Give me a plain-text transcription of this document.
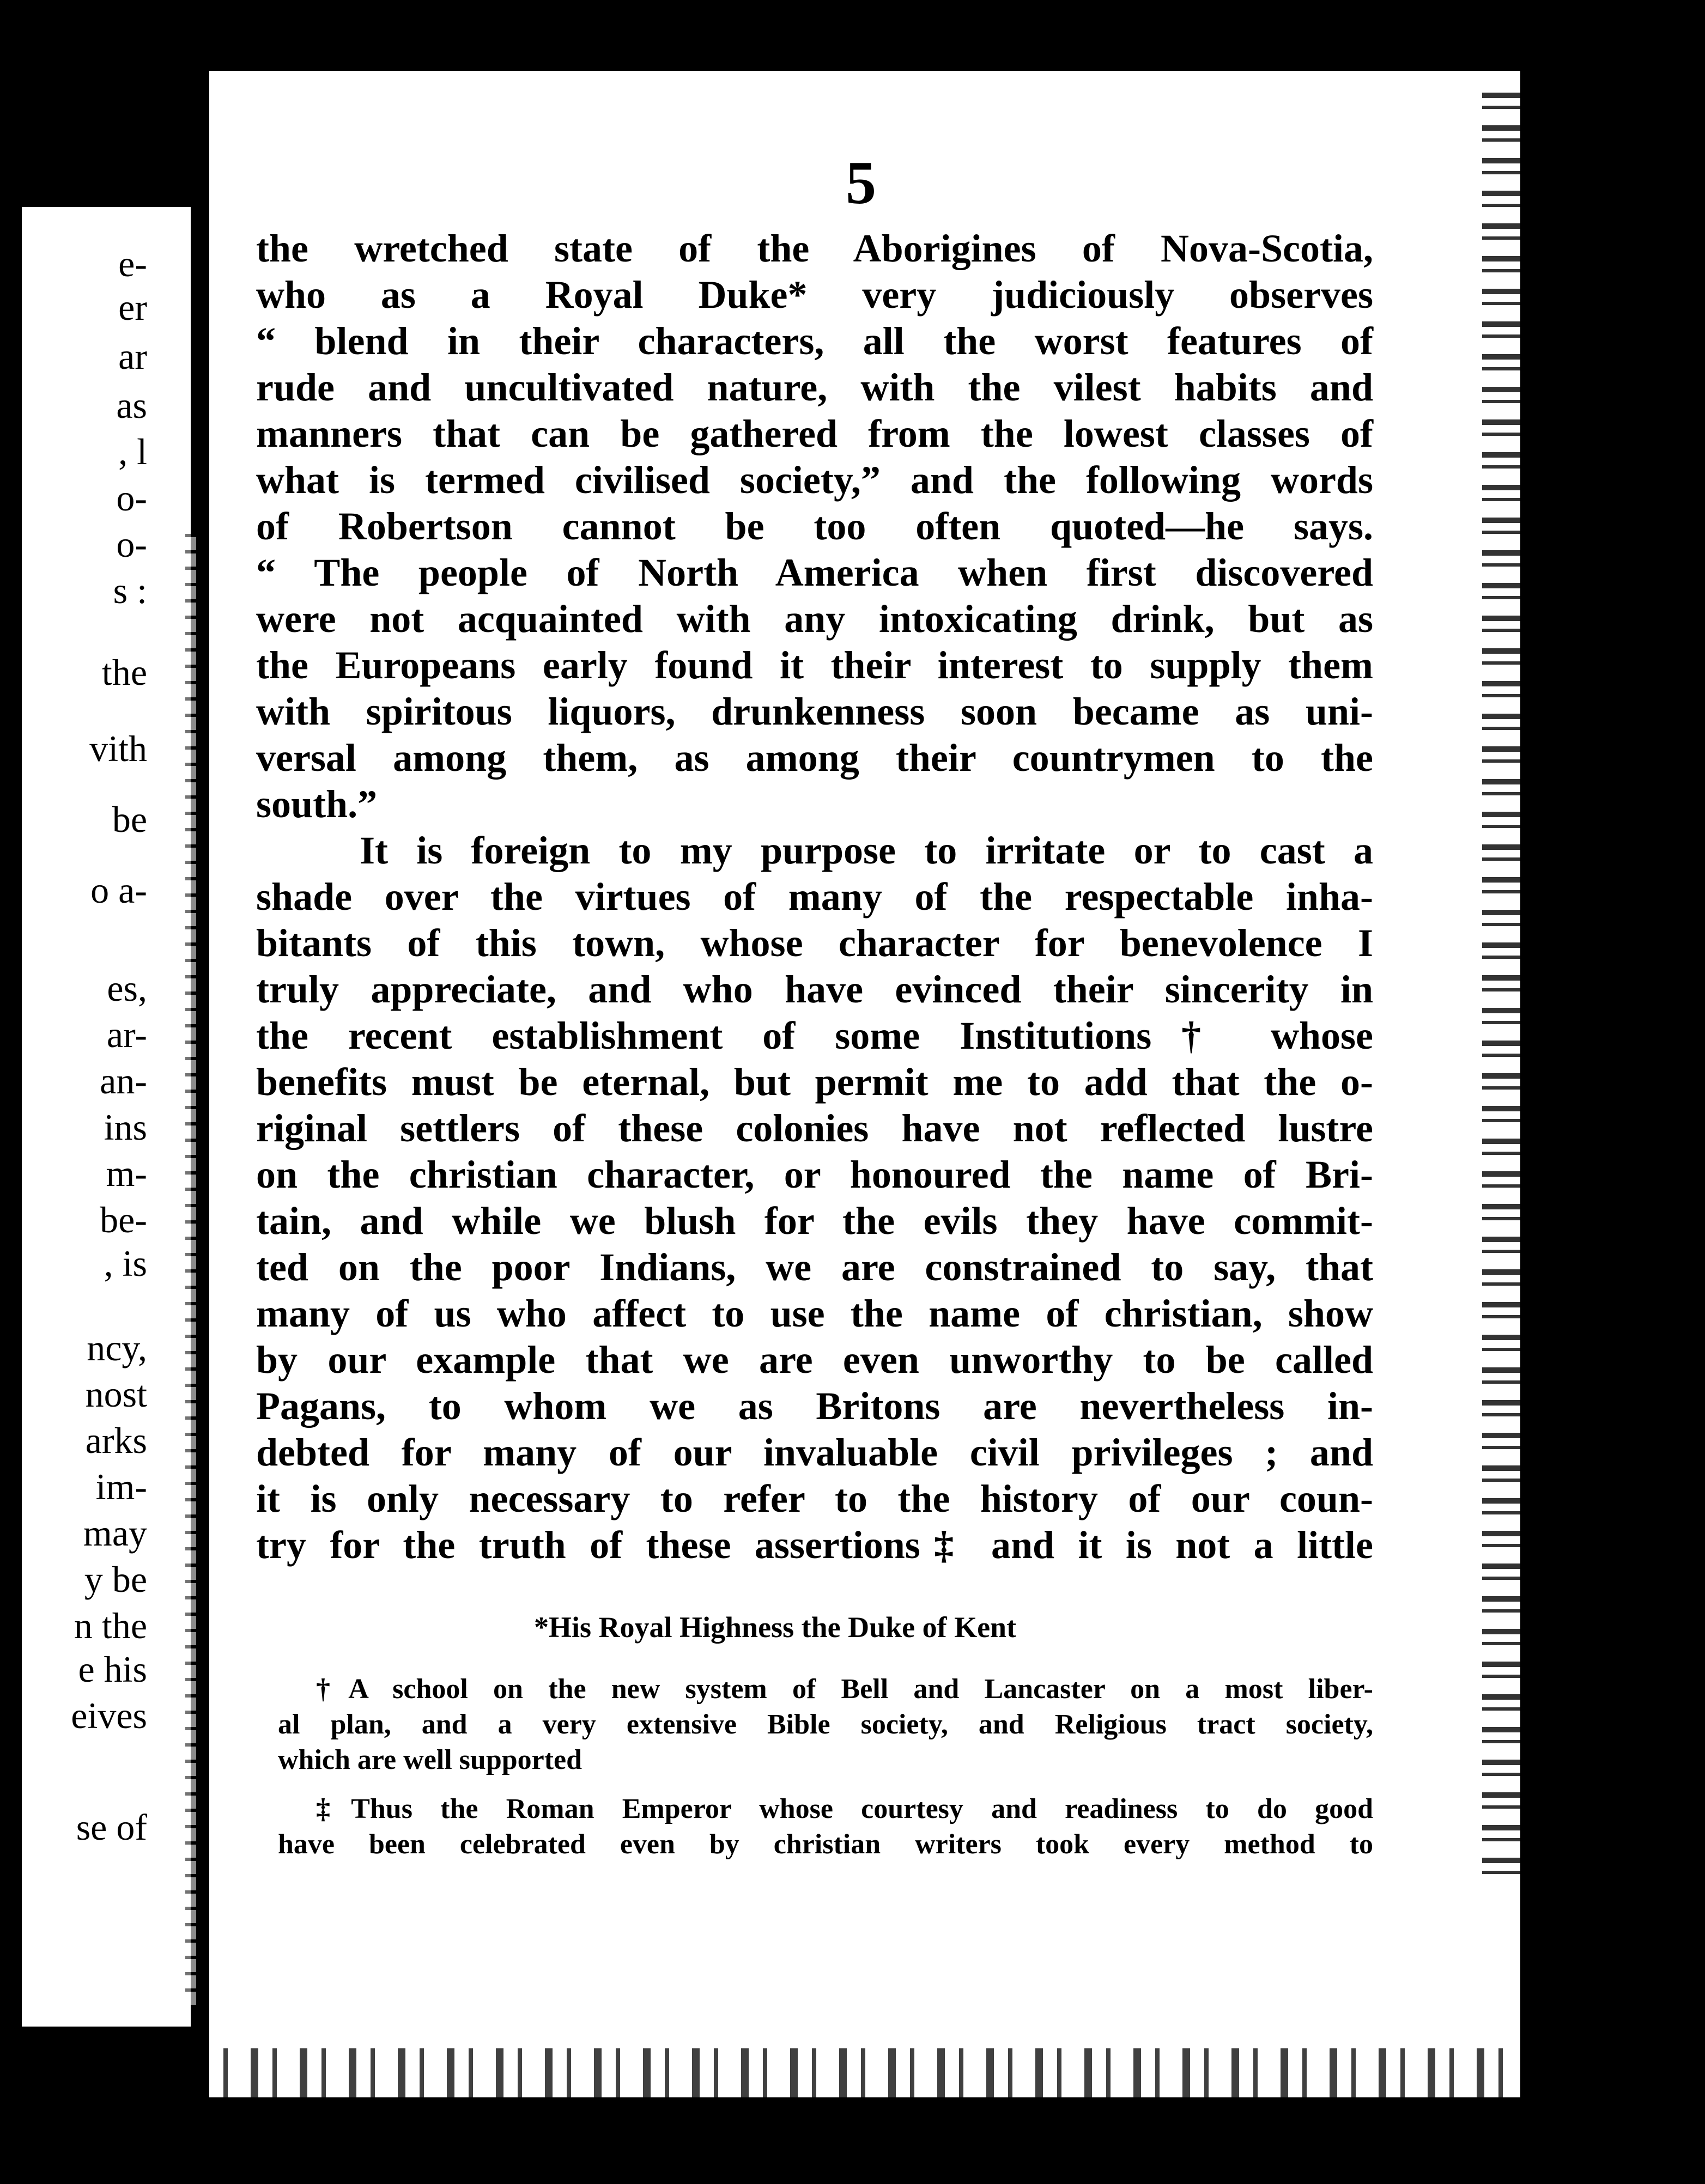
e-
er
ar
as
, l
o-
o-
s :
the
vith
be
o a-
es,
ar-
an-
ins
m-
be-
, is
ncy,
nost
arks
im-
may
y be
n the
e his
eives
se of
5
the wretched state of the Aborigines of Nova-Scotia,
who as a Royal Duke* very judiciously observes
“ blend in their characters, all the worst features of
rude and uncultivated nature, with the vilest habits and
manners that can be gathered from the lowest classes of
what is termed civilised society,” and the following words
of Robertson cannot be too often quoted—he says.
“ The people of North America when first discovered
were not acquainted with any intoxicating drink, but as
the Europeans early found it their interest to supply them
with spiritous liquors, drunkenness soon became as uni-
versal among them, as among their countrymen to the
south.”
It is foreign to my purpose to irritate or to cast a
shade over the virtues of many of the respectable inha-
bitants of this town, whose character for benevolence I
truly appreciate, and who have evinced their sincerity in
the recent establishment of some Institutions† whose
benefits must be eternal, but permit me to add that the o-
riginal settlers of these colonies have not reflected lustre
on the christian character, or honoured the name of Bri-
tain, and while we blush for the evils they have commit-
ted on the poor Indians, we are constrained to say, that
many of us who affect to use the name of christian, show
by our example that we are even unworthy to be called
Pagans, to whom we as Britons are nevertheless in-
debted for many of our invaluable civil privileges ; and
it is only necessary to refer to the history of our coun-
try for the truth of these assertions‡ and it is not a little
*His Royal Highness the Duke of Kent
†A school on the new system of Bell and Lancaster on a most liber-
al plan, and a very extensive Bible society, and Religious tract society,
which are well supported
‡Thus the Roman Emperor whose courtesy and readiness to do good
have been celebrated even by christian writers took every method to
